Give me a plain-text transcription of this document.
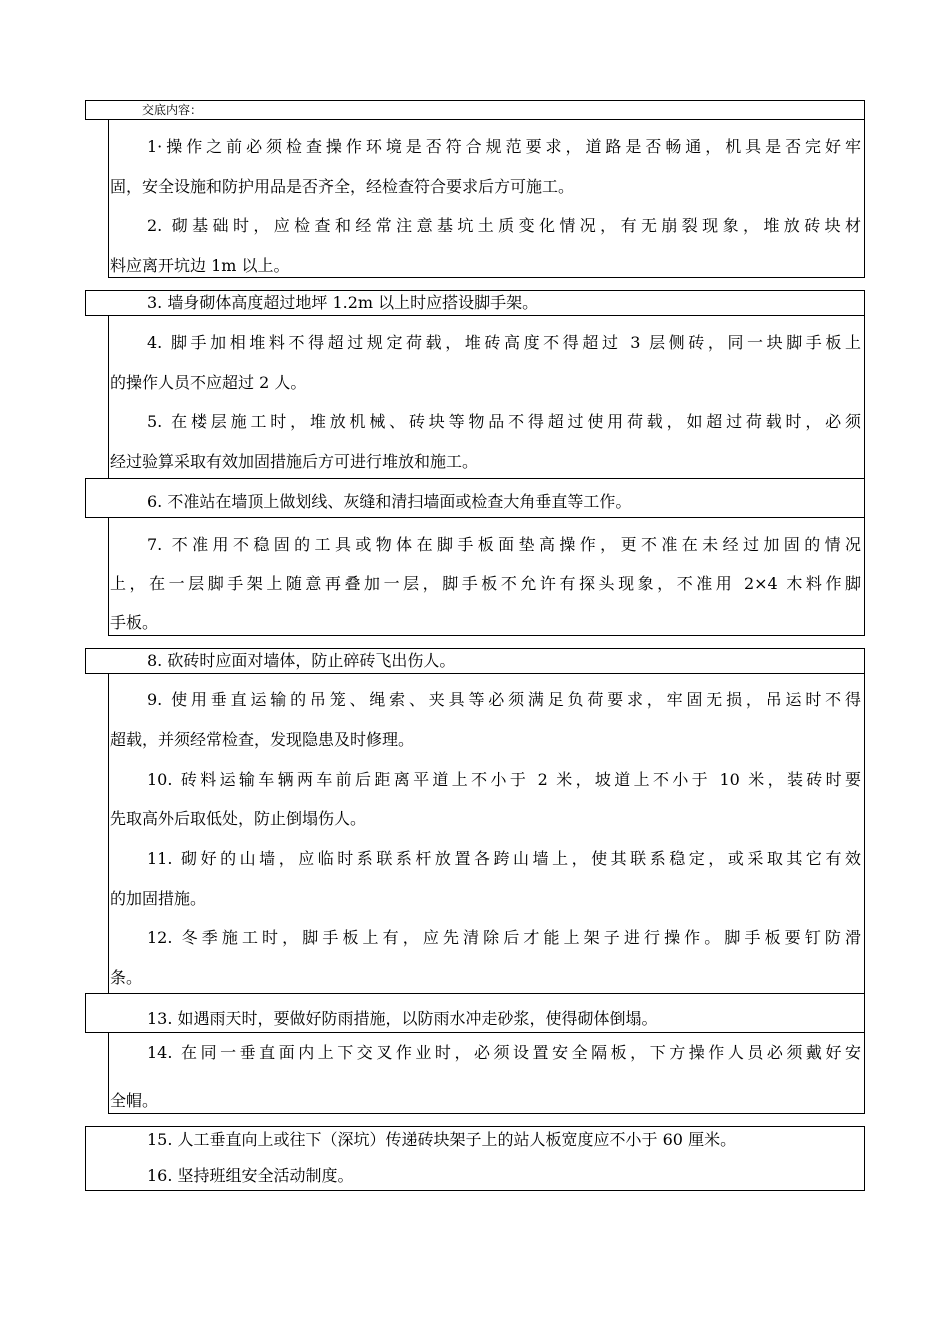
交底内容：
1·操作之前必须检查操作环境是否符合规范要求，道路是否畅通，机具是否完好牢
固，安全设施和防护用品是否齐全，经检查符合要求后方可施工。
2. 砌基础时，应检查和经常注意基坑土质变化情况，有无崩裂现象，堆放砖块材
料应离开坑边 1m 以上。
3. 墙身砌体高度超过地坪 1.2m 以上时应搭设脚手架。
4. 脚手加相堆料不得超过规定荷载，堆砖高度不得超过 3 层侧砖，同一块脚手板上
的操作人员不应超过 2 人。
5. 在楼层施工时，堆放机械、砖块等物品不得超过使用荷载，如超过荷载时，必须
经过验算采取有效加固措施后方可进行堆放和施工。
6. 不准站在墙顶上做划线、灰缝和清扫墙面或检查大角垂直等工作。
7. 不准用不稳固的工具或物体在脚手板面垫高操作，更不准在未经过加固的情况
上，在一层脚手架上随意再叠加一层，脚手板不允许有探头现象，不准用 2×4 木料作脚
手板。
8. 砍砖时应面对墙体，防止碎砖飞出伤人。
9. 使用垂直运输的吊笼、绳索、夹具等必须满足负荷要求，牢固无损，吊运时不得
超载，并须经常检查，发现隐患及时修理。
10. 砖料运输车辆两车前后距离平道上不小于 2 米，坡道上不小于 10 米，装砖时要
先取高外后取低处，防止倒塌伤人。
11. 砌好的山墙，应临时系联系杆放置各跨山墙上，使其联系稳定，或采取其它有效
的加固措施。
12. 冬季施工时，脚手板上有，应先清除后才能上架子进行操作。脚手板要钉防滑
条。
13. 如遇雨天时，要做好防雨措施，以防雨水冲走砂浆，使得砌体倒塌。
14. 在同一垂直面内上下交叉作业时，必须设置安全隔板，下方操作人员必须戴好安
全帽。
15. 人工垂直向上或往下（深坑）传递砖块架子上的站人板宽度应不小于 60 厘米。
16. 坚持班组安全活动制度。
